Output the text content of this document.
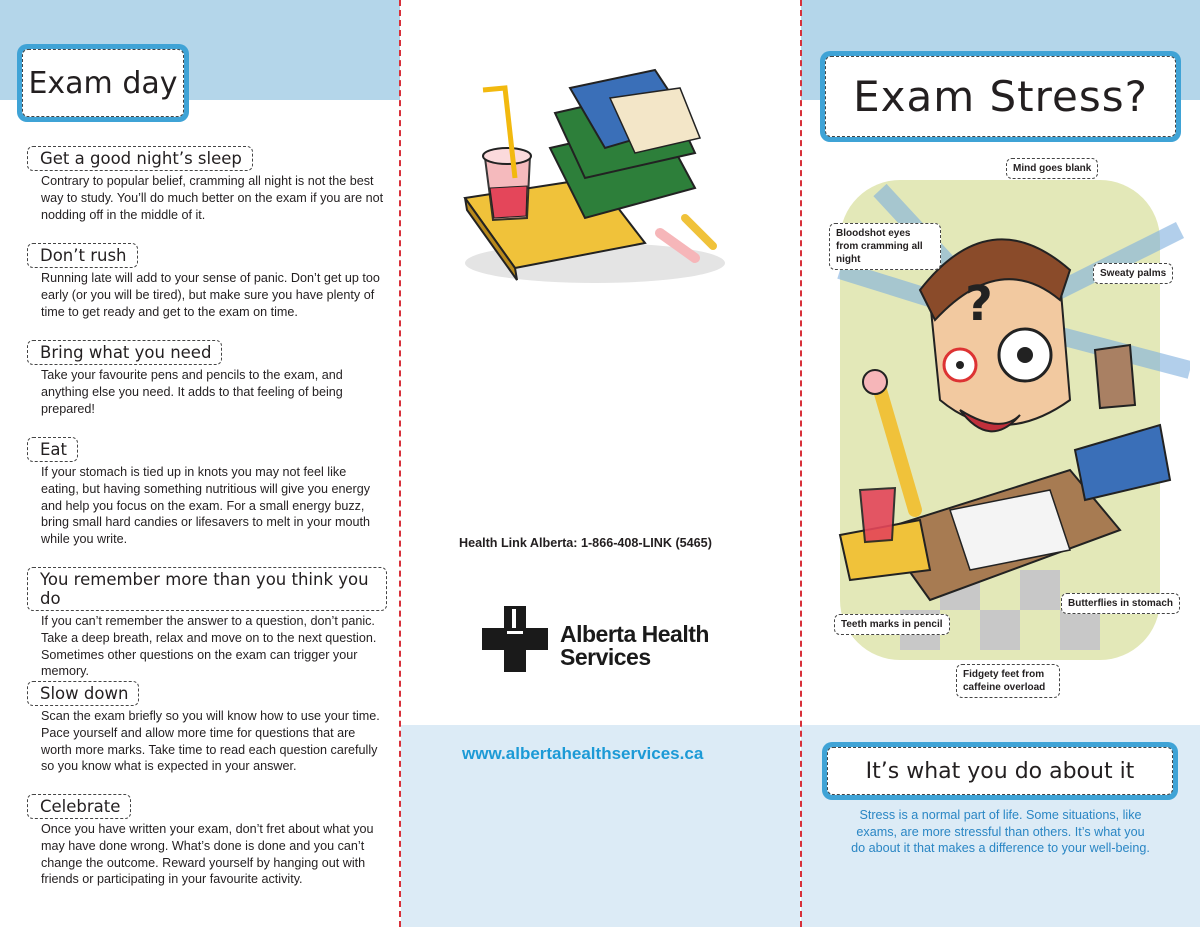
Exam day
Get a good night’s sleep
Contrary to popular belief, cramming all night is not the best way to study. You’ll do much better on the exam if you are not nodding off in the middle of it.
Don’t rush
Running late will add to your sense of panic. Don’t get up too early (or you will be tired), but make sure you have plenty of time to get ready and get to the exam on time.
Bring what you need
Take your favourite pens and pencils to the exam, and anything else you need. It adds to that feeling of being prepared!
Eat
If your stomach is tied up in knots you may not feel like eating, but having something nutritious will give you energy and help you focus on the exam. For a small energy buzz, bring small hard candies or lifesavers to melt in your mouth while you write.
You remember more than you think you do
If you can’t remember the answer to a question, don’t panic. Take a deep breath, relax and move on to the next question. Sometimes other questions on the exam can trigger your memory.
Slow down
Scan the exam briefly so you will know how to use your time. Pace yourself and allow more time for questions that are worth more marks. Take time to read each question carefully so you know what is expected in your answer.
Celebrate
Once you have written your exam, don’t fret about what you may have done wrong. What’s done is done and you can’t change the outcome. Reward yourself by hanging out with friends or participating in your favourite activity.
Health Link Alberta: 1-866-408-LINK (5465)
Alberta Health
Services
www.albertahealthservices.ca
Exam Stress?
?
Mind goes blank
Bloodshot eyes from cramming all night
Sweaty palms
Teeth marks in pencil
Butterflies in stomach
Fidgety feet from caffeine overload
It’s what you do about it
Stress is a normal part of life. Some situations, like exams, are more stressful than others. It’s what you do about it that makes a difference to your well-being.
